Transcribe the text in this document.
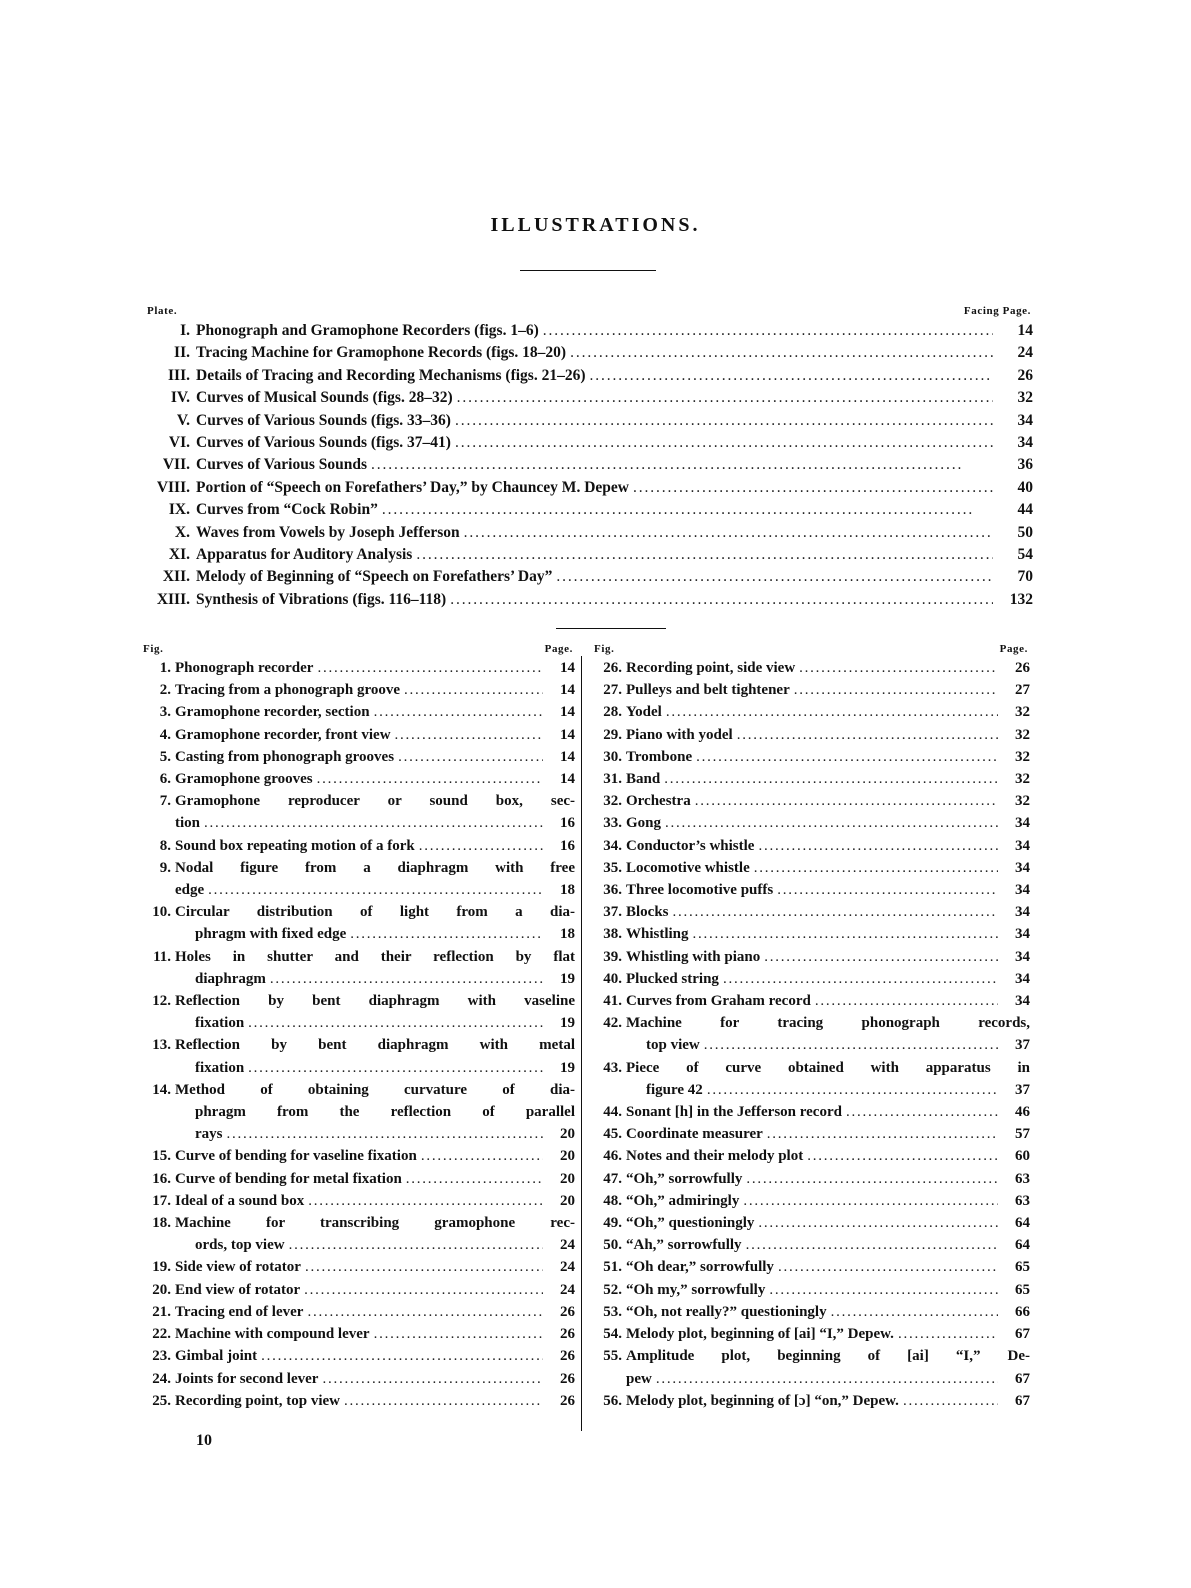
ILLUSTRATIONS.
Plate.	Facing Page.
I. Phonograph and Gramophone Recorders (figs. 1–6) . . .	14
II. Tracing Machine for Gramophone Records (figs. 18–20) . . .	24
III. Details of Tracing and Recording Mechanisms (figs. 21–26) . . .	26
IV. Curves of Musical Sounds (figs. 28–32) . . .	32
V. Curves of Various Sounds (figs. 33–36) . . .	34
VI. Curves of Various Sounds (figs. 37–41) . . .	34
VII. Curves of Various Sounds . . .	36
VIII. Portion of “Speech on Forefathers’ Day,” by Chauncey M. Depew . . .	40
IX. Curves from “Cock Robin” . . .	44
X. Waves from Vowels by Joseph Jefferson . . .	50
XI. Apparatus for Auditory Analysis . . .	54
XII. Melody of Beginning of “Speech on Forefathers’ Day” . . .	70
XIII. Synthesis of Vibrations (figs. 116–118) . . .	132
Fig.	Page.
1. Phonograph recorder . . .	14
2. Tracing from a phonograph groove . . .	14
3. Gramophone recorder, section . . .	14
4. Gramophone recorder, front view . . .	14
5. Casting from phonograph grooves . . .	14
6. Gramophone grooves . . .	14
7. Gramophone reproducer or sound box, sec-
tion . . .	16
8. Sound box repeating motion of a fork . . .	16
9. Nodal figure from a diaphragm with free
edge . . .	18
10. Circular distribution of light from a dia-
phragm with fixed edge . . .	18
11. Holes in shutter and their reflection by flat
diaphragm . . .	19
12. Reflection by bent diaphragm with vaseline
fixation . . .	19
13. Reflection by bent diaphragm with metal
fixation . . .	19
14. Method of obtaining curvature of dia-
phragm from the reflection of parallel
rays . . .	20
15. Curve of bending for vaseline fixation . . .	20
16. Curve of bending for metal fixation . . .	20
17. Ideal of a sound box . . .	20
18. Machine for transcribing gramophone rec-
ords, top view . . .	24
19. Side view of rotator . . .	24
20. End view of rotator . . .	24
21. Tracing end of lever . . .	26
22. Machine with compound lever . . .	26
23. Gimbal joint . . .	26
24. Joints for second lever . . .	26
25. Recording point, top view . . .	26
Fig.	Page.
26. Recording point, side view . . .	26
27. Pulleys and belt tightener . . .	27
28. Yodel . . .	32
29. Piano with yodel . . .	32
30. Trombone . . .	32
31. Band . . .	32
32. Orchestra . . .	32
33. Gong . . .	34
34. Conductor’s whistle . . .	34
35. Locomotive whistle . . .	34
36. Three locomotive puffs . . .	34
37. Blocks . . .	34
38. Whistling . . .	34
39. Whistling with piano . . .	34
40. Plucked string . . .	34
41. Curves from Graham record . . .	34
42. Machine for tracing phonograph records,
top view . . .	37
43. Piece of curve obtained with apparatus in
figure 42 . . .	37
44. Sonant [h] in the Jefferson record . . .	46
45. Coordinate measurer . . .	57
46. Notes and their melody plot . . .	60
47. “Oh,” sorrowfully . . .	63
48. “Oh,” admiringly . . .	63
49. “Oh,” questioningly . . .	64
50. “Ah,” sorrowfully . . .	64
51. “Oh dear,” sorrowfully . . .	65
52. “Oh my,” sorrowfully . . .	65
53. “Oh, not really?” questioningly . . .	66
54. Melody plot, beginning of [ai] “I,” Depew. . . .	67
55. Amplitude plot, beginning of [ai] “I,” De-
pew . . .	67
56. Melody plot, beginning of [ɔ] “on,” Depew. . . .	67
10
